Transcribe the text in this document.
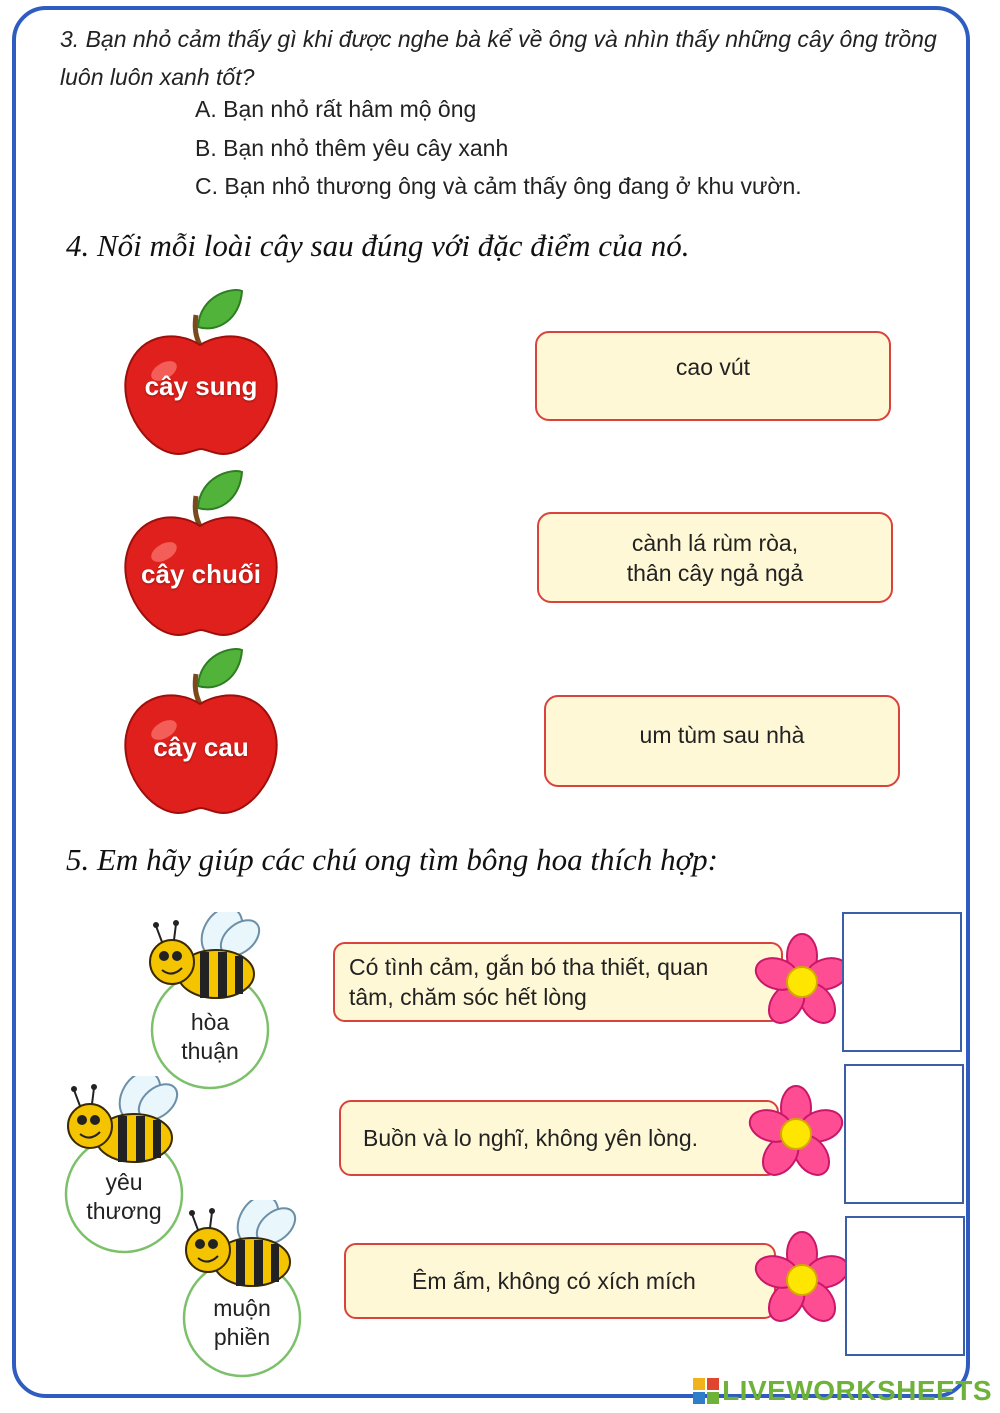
3. Bạn nhỏ cảm thấy gì khi được nghe bà kể về ông và nhìn thấy những cây ông trồng luôn luôn xanh tốt?
A. Bạn nhỏ rất hâm mộ ông
B. Bạn nhỏ thêm yêu cây xanh
C. Bạn nhỏ thương ông và cảm thấy ông đang ở khu vườn.
4. Nối mỗi loài cây sau đúng với đặc điểm của nó.
cây sung
cây chuối
cây cau
cao vút
cành lá rùm ròa,
thân cây ngả ngả
um tùm sau nhà
5. Em hãy giúp các chú ong tìm bông hoa thích hợp:
hòa
thuận
yêu
thương
muộn
phiền
Có tình cảm, gắn bó tha thiết, quan
tâm, chăm sóc hết lòng
Buồn và lo nghĩ, không yên lòng.
Êm ấm, không có xích mích
LIVEWORKSHEETS
